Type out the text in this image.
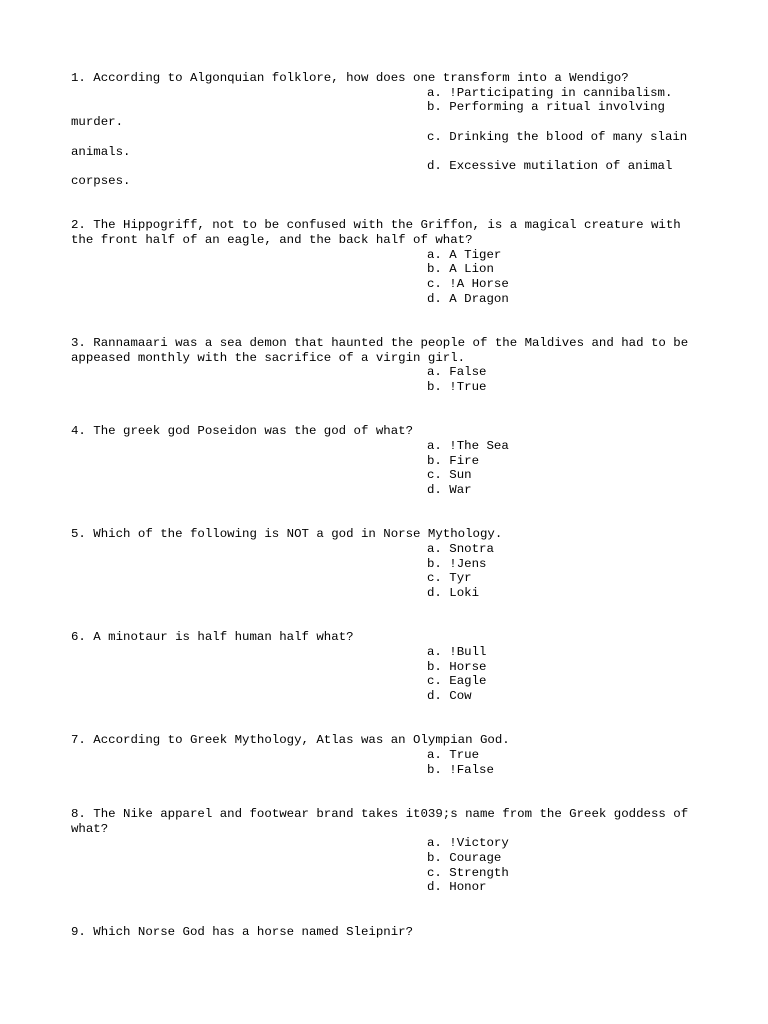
1. According to Algonquian folklore, how does one transform into a Wendigo?

a. !Participating in cannibalism.
b. Performing a ritual involving
murder.
c. Drinking the blood of many slain
animals.
d. Excessive mutilation of animal
corpses.

2. The Hippogriff, not to be confused with the Griffon, is a magical creature with
the front half of an eagle, and the back half of what?

a. A Tiger
b. A Lion
c. !A Horse
d. A Dragon

3. Rannamaari was a sea demon that haunted the people of the Maldives and had to be
appeased monthly with the sacrifice of a virgin girl.

a. False
b. !True

4. The greek god Poseidon was the god of what?

a. !The Sea
b. Fire
c. Sun
d. War

5. Which of the following is NOT a god in Norse Mythology.

a. Snotra
b. !Jens
c. Tyr
d. Loki

6. A minotaur is half human half what?

a. !Bull
b. Horse
c. Eagle
d. Cow

7. According to Greek Mythology, Atlas was an Olympian God.

a. True
b. !False

8. The Nike apparel and footwear brand takes it039;s name from the Greek goddess of
what?

a. !Victory
b. Courage
c. Strength
d. Honor

9. Which Norse God has a horse named Sleipnir?
